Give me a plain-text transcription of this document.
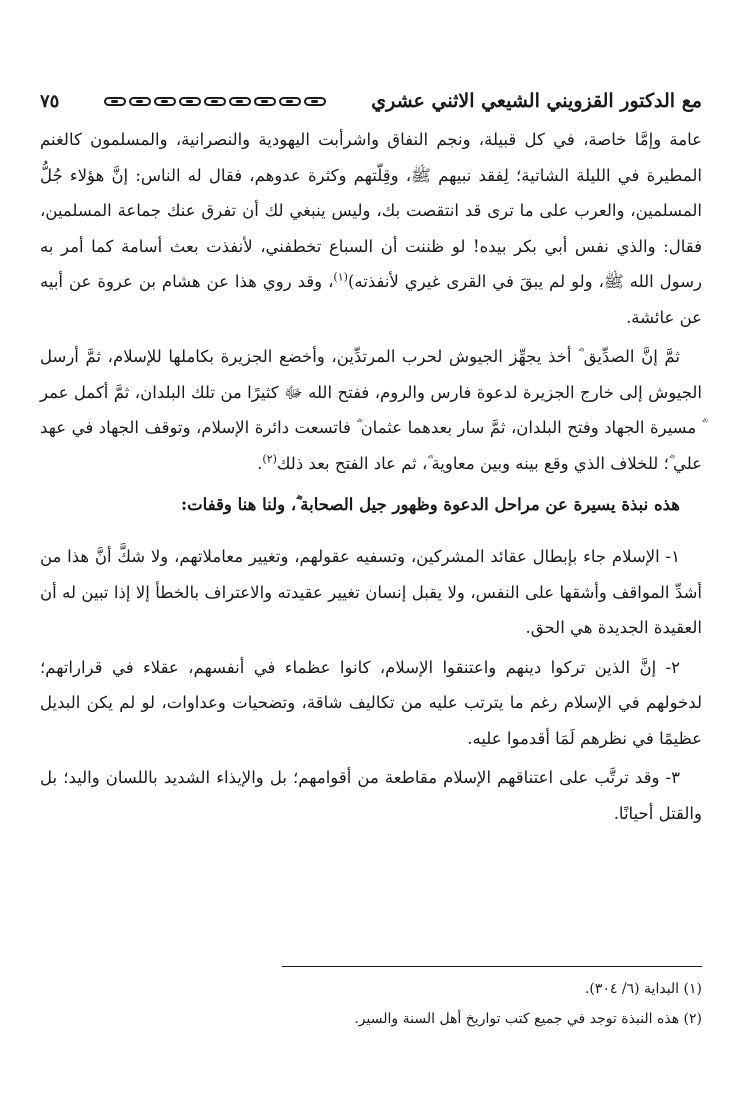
مع الدكتور القزويني الشيعي الاثني عشري
٧٥

عامة وإمَّا خاصة، في كل قبيلة، ونجم النفاق واشرأبت اليهودية والنصرانية، والمسلمون كالغنم المطيرة في الليلة الشاتية؛ لِفقد نبيهم ﷺ، وقِلّتهم وكثرة عدوهم، فقال له الناس: إنَّ هؤلاء جُلُّ المسلمين، والعرب على ما ترى قد انتقصت بك، وليس ينبغي لك أن تفرق عنك جماعة المسلمين، فقال: والذي نفس أبي بكر بيده! لو ظننت أن السباع تخطفني، لأنفذت بعث أسامة كما أمر به رسول الله ﷺ، ولو لم يبقَ في القرى غيري لأنفذته)$^{(١)}$، وقد روي هذا عن هشام بن عروة عن أبيه عن عائشة.

ثمَّ إنَّ الصدِّيق ؓ أخذ يجهِّز الجيوش لحرب المرتدِّين، وأخضع الجزيرة بكاملها للإسلام، ثمَّ أرسل الجيوش إلى خارج الجزيرة لدعوة فارس والروم، ففتح الله ﷻ كثيرًا من تلك البلدان، ثمَّ أكمل عمر ؓ مسيرة الجهاد وفتح البلدان، ثمَّ سار بعدهما عثمان ؓ فاتسعت دائرة الإسلام، وتوقف الجهاد في عهد علي ؓ؛ للخلاف الذي وقع بينه وبين معاوية ؓ، ثم عاد الفتح بعد ذلك$^{(٢)}$.

هذه نبذة يسيرة عن مراحل الدعوة وظهور جيل الصحابة ؓ، ولنا هنا وقفات:

١- الإسلام جاء بإبطال عقائد المشركين، وتسفيه عقولهم، وتغيير معاملاتهم، ولا شكَّ أنَّ هذا من أشدِّ المواقف وأشقها على النفس، ولا يقبل إنسان تغيير عقيدته والاعتراف بالخطأ إلا إذا تبين له أن العقيدة الجديدة هي الحق.

٢- إنَّ الذين تركوا دينهم واعتنقوا الإسلام، كانوا عظماء في أنفسهم، عقلاء في قراراتهم؛ لدخولهم في الإسلام رغم ما يترتب عليه من تكاليف شاقة، وتضحيات وعداوات، لو لم يكن البديل عظيمًا في نظرهم لَمَا أقدموا عليه.

٣- وقد ترتَّب على اعتناقهم الإسلام مقاطعة من أقوامهم؛ بل والإيذاء الشديد باللسان واليد؛ بل والقتل أحيانًا.

(١) البداية (٦/ ٣٠٤).

(٢) هذه النبذة توجد في جميع كتب تواريخ أهل السنة والسير.
